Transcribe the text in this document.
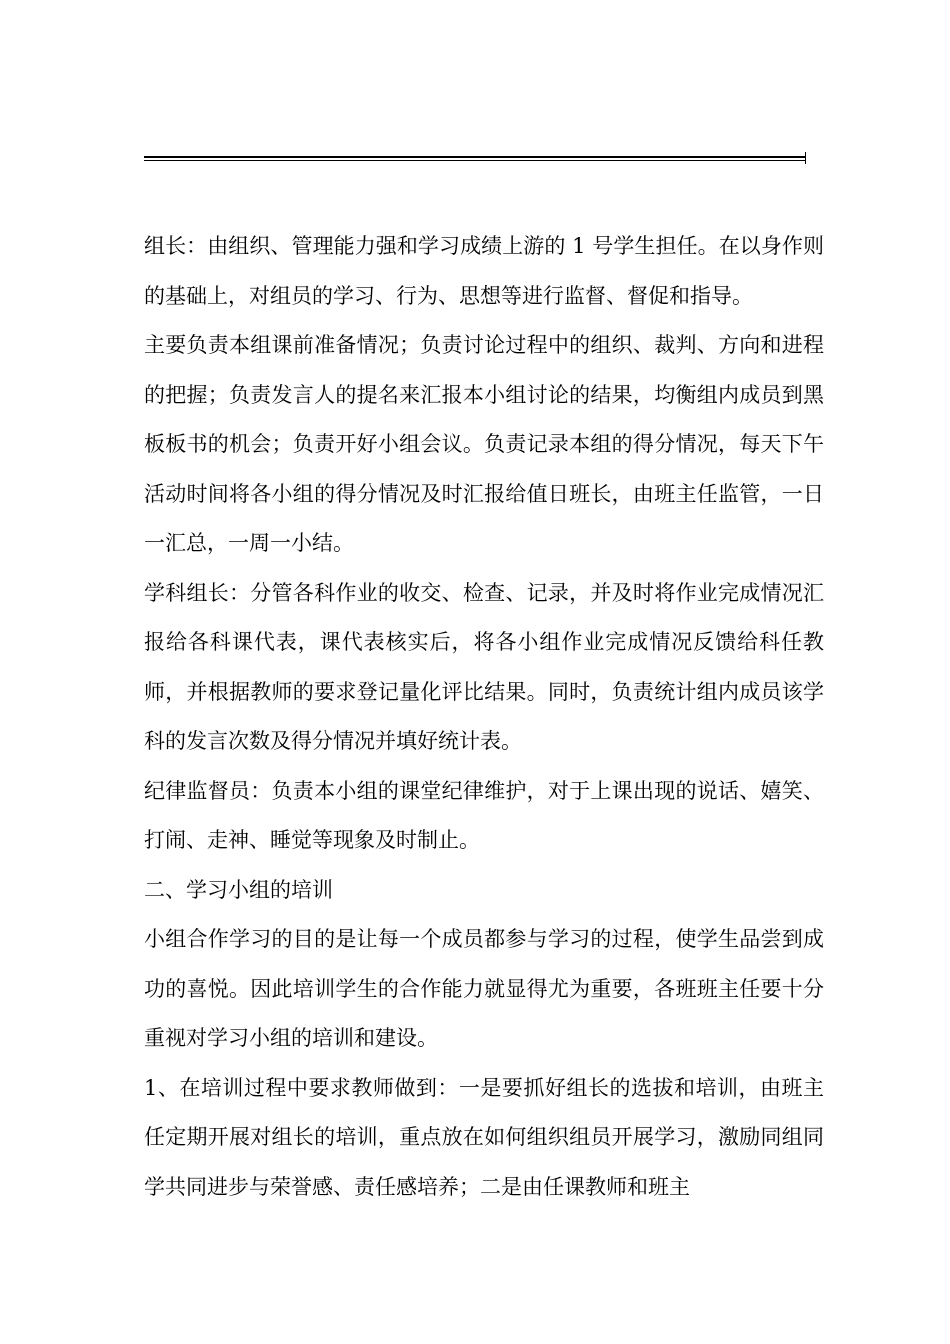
组长：由组织、管理能力强和学习成绩上游的 1 号学生担任。在以身作则的基础上，对组员的学习、行为、思想等进行监督、督促和指导。

主要负责本组课前准备情况；负责讨论过程中的组织、裁判、方向和进程的把握；负责发言人的提名来汇报本小组讨论的结果，均衡组内成员到黑板板书的机会；负责开好小组会议。负责记录本组的得分情况，每天下午活动时间将各小组的得分情况及时汇报给值日班长，由班主任监管，一日一汇总，一周一小结。

学科组长：分管各科作业的收交、检查、记录，并及时将作业完成情况汇报给各科课代表，课代表核实后，将各小组作业完成情况反馈给科任教师，并根据教师的要求登记量化评比结果。同时，负责统计组内成员该学科的发言次数及得分情况并填好统计表。

纪律监督员：负责本小组的课堂纪律维护，对于上课出现的说话、嬉笑、打闹、走神、睡觉等现象及时制止。

二、学习小组的培训

小组合作学习的目的是让每一个成员都参与学习的过程，使学生品尝到成功的喜悦。因此培训学生的合作能力就显得尤为重要，各班班主任要十分重视对学习小组的培训和建设。

1、在培训过程中要求教师做到：一是要抓好组长的选拔和培训，由班主任定期开展对组长的培训，重点放在如何组织组员开展学习，激励同组同学共同进步与荣誉感、责任感培养；二是由任课教师和班主
